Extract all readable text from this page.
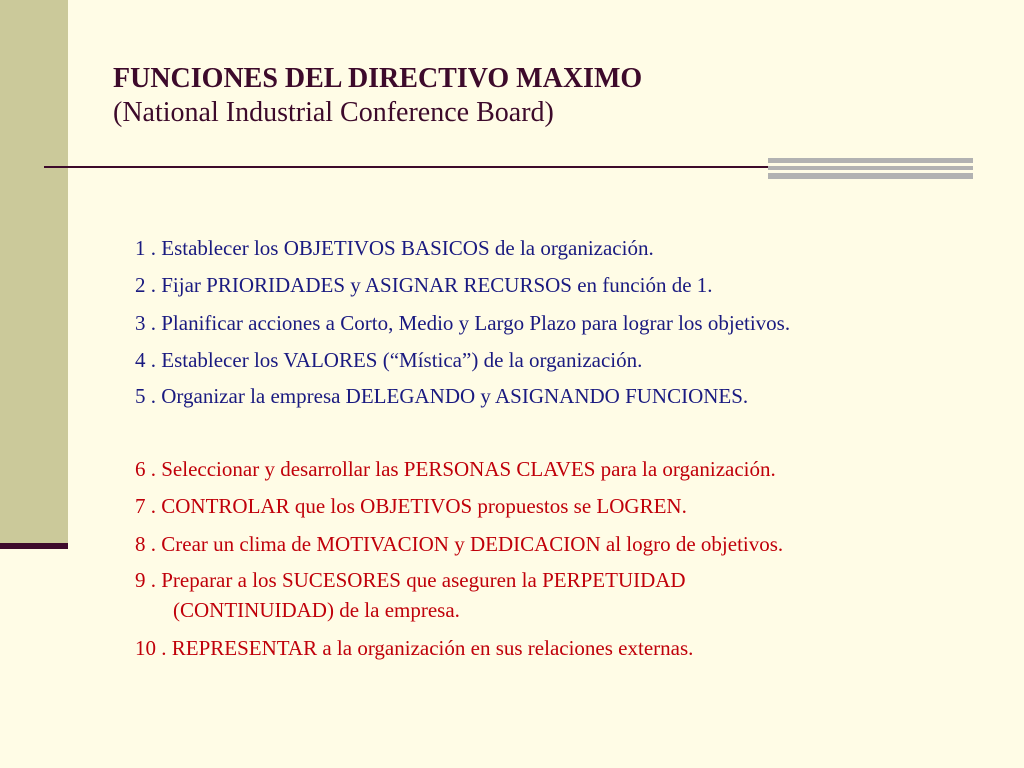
FUNCIONES DEL DIRECTIVO MAXIMO
(National Industrial Conference Board)
1 . Establecer los OBJETIVOS BASICOS de la organización.
2 . Fijar PRIORIDADES y ASIGNAR RECURSOS en función de 1.
3 . Planificar acciones a Corto, Medio y Largo Plazo para lograr los objetivos.
4 . Establecer los VALORES (“Mística”) de la organización.
5 . Organizar la empresa DELEGANDO y ASIGNANDO FUNCIONES.
6 . Seleccionar y desarrollar las PERSONAS CLAVES para la organización.
7 . CONTROLAR que los OBJETIVOS propuestos se LOGREN.
8 . Crear un clima de MOTIVACION y DEDICACION al logro de objetivos.
9 . Preparar a los SUCESORES que aseguren la PERPETUIDAD
(CONTINUIDAD) de la empresa.
10 . REPRESENTAR a la organización en sus relaciones externas.
